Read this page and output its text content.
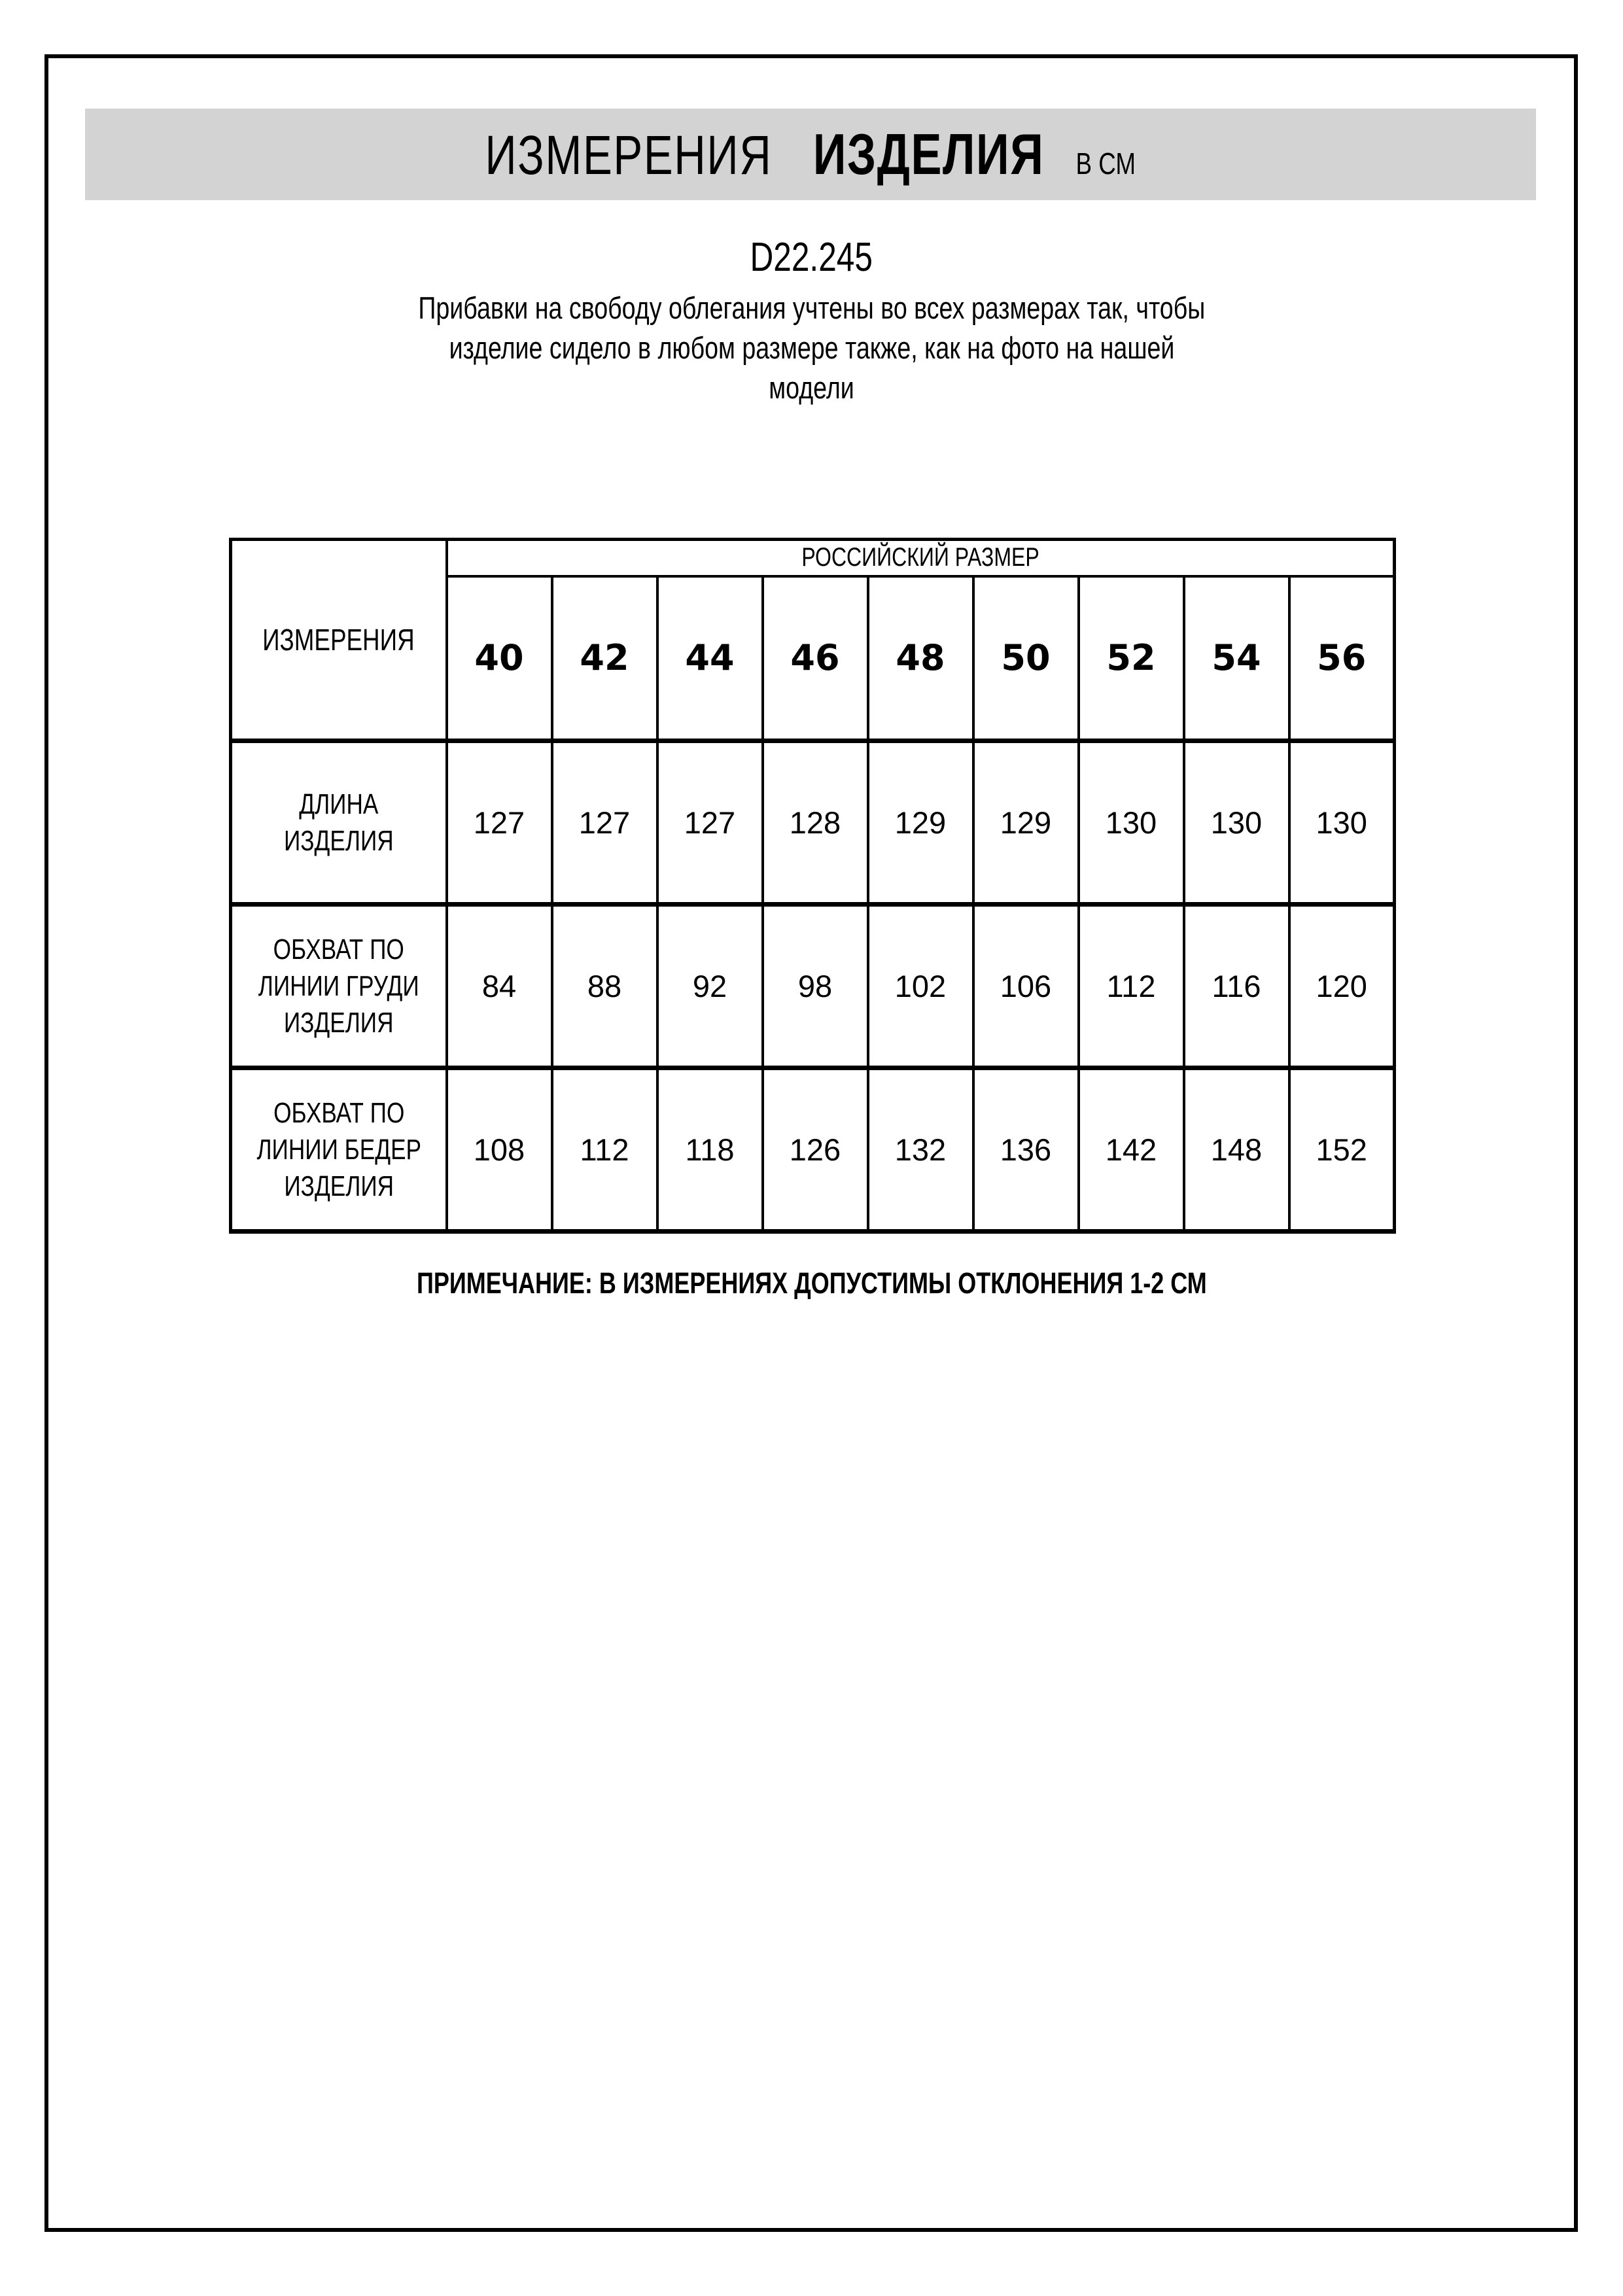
ИЗМЕРЕНИЯ ИЗДЕЛИЯ В СМ
D22.245
Прибавки на свободу облегания учтены во всех размерах так, чтобы
изделие сидело в любом размере также, как на фото на нашей
модели
ИЗМЕРЕНИЯ	РОССИЙСКИЙ РАЗМЕР								
	40	42	44	46	48	50	52	54	56

ДЛИНА
ИЗДЕЛИЯ	127	127	127	128	129	129	130	130	130

ОБХВАТ ПО
ЛИНИИ ГРУДИ
ИЗДЕЛИЯ	84	88	92	98	102	106	112	116	120

ОБХВАТ ПО
ЛИНИИ БЕДЕР
ИЗДЕЛИЯ	108	112	118	126	132	136	142	148	152
ПРИМЕЧАНИЕ: В ИЗМЕРЕНИЯХ ДОПУСТИМЫ ОТКЛОНЕНИЯ 1-2 СМ
